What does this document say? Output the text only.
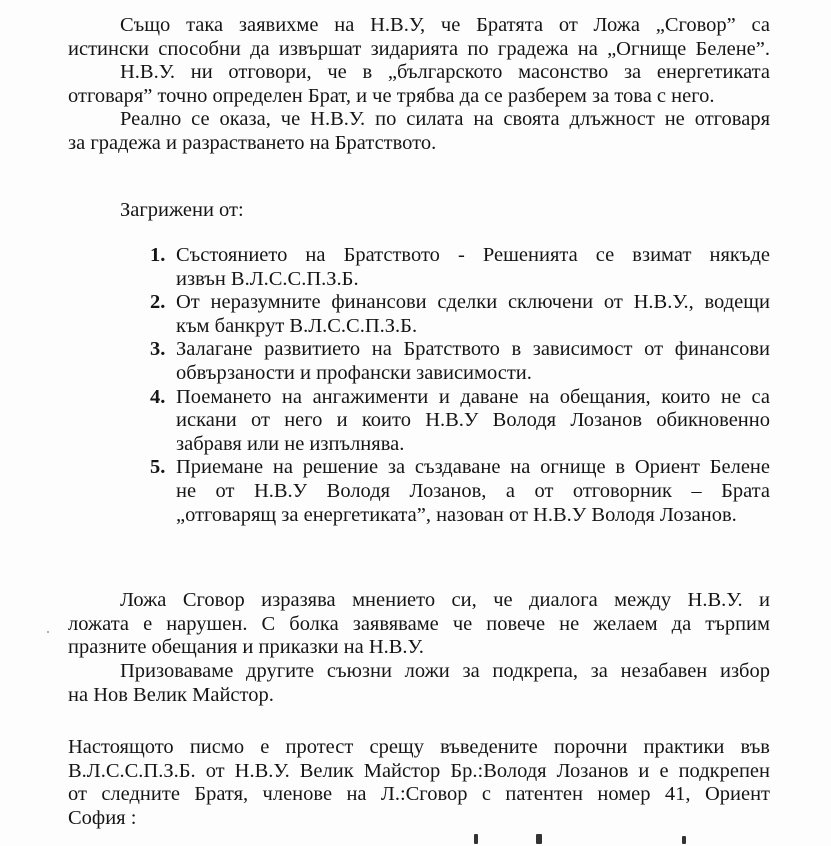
Също така заявихме на Н.В.У, че Братята от Ложа „Сговор” са
истински способни да извършат зидарията по градежа на „Огнище Белене”.
Н.В.У. ни отговори, че в „българското масонство за енергетиката
отговаря” точно определен Брат, и че трябва да се разберем за това с него.
Реално се оказа, че Н.В.У. по силата на своята длъжност не отговаря
за градежа и разрастването на Братството.
Загрижени от:
1. Състоянието на Братството - Решенията се взимат някъде
извън В.Л.С.С.П.З.Б.
2. От неразумните финансови сделки сключени от Н.В.У., водещи
към банкрут В.Л.С.С.П.З.Б.
3. Залагане развитието на Братството в зависимост от финансови
обвързаности и профански зависимости.
4. Поемането на ангажименти и даване на обещания, които не са
искани от него и които Н.В.У Володя Лозанов обикновенно
забравя или не изпълнява.
5. Приемане на решение за създаване на огнище в Ориент Белене
не от Н.В.У Володя Лозанов, а от отговорник – Брата
„отговарящ за енергетиката”, назован от Н.В.У Володя Лозанов.
Ложа Сговор изразява мнението си, че диалога между Н.В.У. и
ложата е нарушен. С болка заявяваме че повече не желаем да търпим
празните обещания и приказки на Н.В.У.
Призоваваме другите съюзни ложи за подкрепа, за незабавен избор
на Нов Велик Майстор.
Настоящото писмо е протест срещу въведените порочни практики във
В.Л.С.С.П.З.Б. от Н.В.У. Велик Майстор Бр.:Володя Лозанов и е подкрепен
от следните Братя, членове на Л.:Сговор с патентен номер 41, Ориент
София :
